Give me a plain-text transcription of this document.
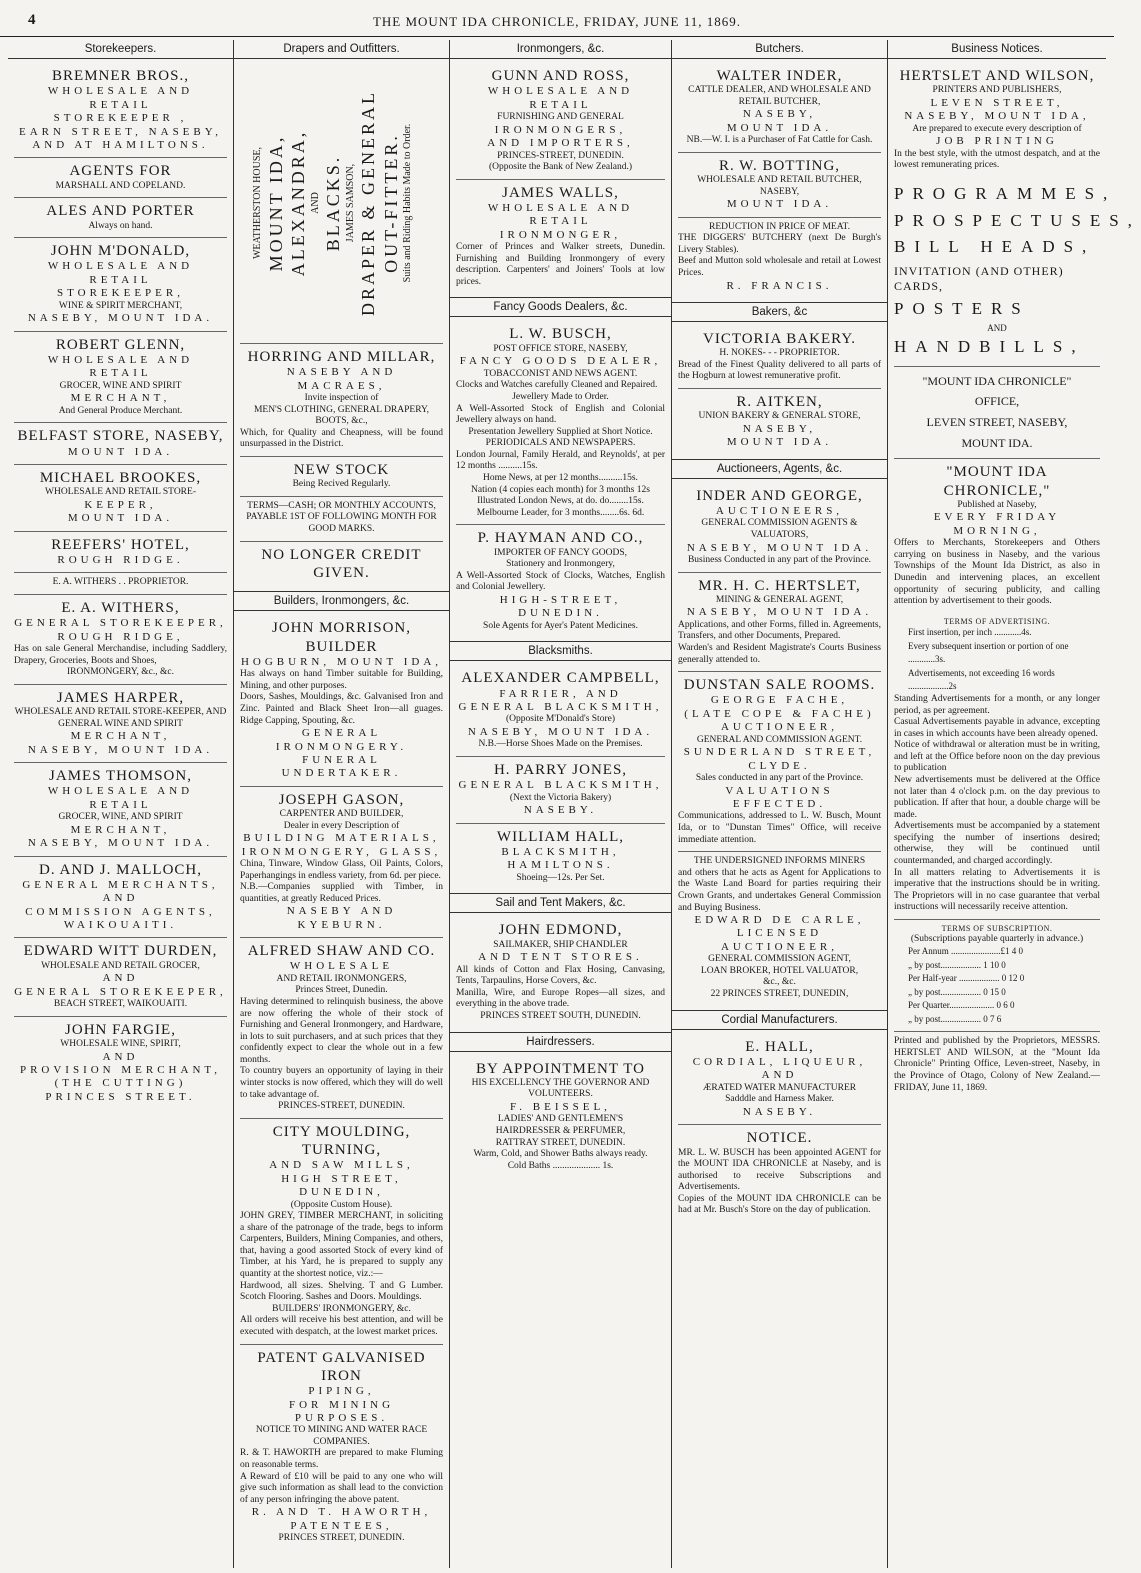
4	THE MOUNT IDA CHRONICLE, FRIDAY, JUNE 11, 1869.
Storekeepers.
BREMNER BROS.,
WHOLESALE AND RETAIL
STOREKEEPER ,
EARN STREET, NASEBY,
AND AT HAMILTONS.
AGENTS FOR
MARSHALL AND COPELAND.
ALES AND PORTER
Always on hand.
JOHN M'DONALD,
WHOLESALE AND RETAIL
STOREKEEPER,
WINE & SPIRIT MERCHANT,
NASEBY, MOUNT IDA.
ROBERT GLENN,
WHOLESALE AND RETAIL
GROCER, WINE AND SPIRIT
MERCHANT,
And General Produce Merchant.
BELFAST STORE, NASEBY,
MOUNT IDA.
MICHAEL BROOKES,
WHOLESALE AND RETAIL STORE-
KEEPER,
MOUNT IDA.
REEFERS' HOTEL,
ROUGH RIDGE.
E. A. WITHERS . . PROPRIETOR.
E. A. WITHERS,
GENERAL STOREKEEPER,
ROUGH RIDGE,
Has on sale General Merchandise, including Saddlery, Drapery, Groceries, Boots and Shoes,
IRONMONGERY, &c., &c.
JAMES HARPER,
WHOLESALE AND RETAIL STORE-KEEPER, AND
GENERAL WINE AND SPIRIT
MERCHANT,
NASEBY, MOUNT IDA.
JAMES THOMSON,
WHOLESALE AND RETAIL
GROCER, WINE, AND SPIRIT
MERCHANT,
NASEBY, MOUNT IDA.
D. AND J. MALLOCH,
GENERAL MERCHANTS,
AND
COMMISSION AGENTS,
WAIKOUAITI.
EDWARD WITT DURDEN,
WHOLESALE AND RETAIL GROCER,
AND
GENERAL STOREKEEPER,
BEACH STREET, WAIKOUAITI.
JOHN FARGIE,
WHOLESALE WINE, SPIRIT,
AND
PROVISION MERCHANT,
(THE CUTTING)
PRINCES STREET.
Drapers and Outfitters.
WEATHERSTON HOUSE, MOUNT IDA, ALEXANDRA, AND BLACKS. JAMES SAMSON, DRAPER & GENERAL OUT-FITTER. Suits and Riding Habits Made to Order.
HORRING AND MILLAR,
NASEBY AND MACRAES,
Invite inspection of
MEN'S CLOTHING, GENERAL DRAPERY, BOOTS, &c.,
Which, for Quality and Cheapness, will be found unsurpassed in the District.
NEW STOCK
Being Recived Regularly.
TERMS—CASH; OR MONTHLY ACCOUNTS, PAYABLE 1ST OF FOLLOWING MONTH FOR GOOD MARKS.
NO LONGER CREDIT GIVEN.
Builders, Ironmongers, &c.
JOHN MORRISON, BUILDER
HOGBURN, MOUNT IDA,
Has always on hand Timber suitable for Building, Mining, and other purposes.
Doors, Sashes, Mouldings, &c. Galvanised Iron and Zinc. Painted and Black Sheet Iron—all guages. Ridge Capping, Spouting, &c.
GENERAL IRONMONGERY.
FUNERAL UNDERTAKER.
JOSEPH GASON,
CARPENTER AND BUILDER,
Dealer in every Description of
BUILDING MATERIALS,
IRONMONGERY, GLASS,
China, Tinware, Window Glass, Oil Paints, Colors, Paperhangings in endless variety, from 6d. per piece.
N.B.—Companies supplied with Timber, in quantities, at greatly Reduced Prices.
NASEBY AND KYEBURN.
ALFRED SHAW AND CO.
WHOLESALE
AND RETAIL IRONMONGERS,
Princes Street, Dunedin.
Having determined to relinquish business, the above are now offering the whole of their stock of Furnishing and General Ironmongery, and Hardware, in lots to suit purchasers, and at such prices that they confidently expect to clear the whole out in a few months.
To country buyers an opportunity of laying in their winter stocks is now offered, which they will do well to take advantage of.
PRINCES-STREET, DUNEDIN.
CITY MOULDING, TURNING,
AND SAW MILLS,
HIGH STREET, DUNEDIN,
(Opposite Custom House).
JOHN GREY, TIMBER MERCHANT, in soliciting a share of the patronage of the trade, begs to inform Carpenters, Builders, Mining Companies, and others, that, having a good assorted Stock of every kind of Timber, at his Yard, he is prepared to supply any quantity at the shortest notice, viz.:—
Hardwood, all sizes. Shelving. T and G Lumber. Scotch Flooring. Sashes and Doors. Mouldings.
BUILDERS' IRONMONGERY, &c.
All orders will receive his best attention, and will be executed with despatch, at the lowest market prices.
PATENT GALVANISED IRON
PIPING,
FOR MINING PURPOSES.
NOTICE TO MINING AND WATER RACE COMPANIES.
R. & T. HAWORTH are prepared to make Fluming on reasonable terms.
A Reward of £10 will be paid to any one who will give such information as shall lead to the conviction of any person infringing the above patent.
R. AND T. HAWORTH,
PATENTEES,
PRINCES STREET, DUNEDIN.
Ironmongers, &c.
GUNN AND ROSS,
WHOLESALE AND RETAIL
FURNISHING AND GENERAL
IRONMONGERS,
AND IMPORTERS,
PRINCES-STREET, DUNEDIN.
(Opposite the Bank of New Zealand.)
JAMES WALLS,
WHOLESALE AND RETAIL
IRONMONGER,
Corner of Princes and Walker streets, Dunedin. Furnishing and Building Ironmongery of every description. Carpenters' and Joiners' Tools at low prices.
Fancy Goods Dealers, &c.
L. W. BUSCH,
POST OFFICE STORE, NASEBY,
FANCY GOODS DEALER,
TOBACCONIST AND NEWS AGENT.
Clocks and Watches carefully Cleaned and Repaired.
Jewellery Made to Order.
A Well-Assorted Stock of English and Colonial Jewellery always on hand.
Presentation Jewellery Supplied at Short Notice.
PERIODICALS AND NEWSPAPERS.
London Journal, Family Herald, and Reynolds', at per 12 months ..........15s.
Home News, at per 12 months..........15s.
Nation (4 copies each month) for 3 months 12s
Illustrated London News, at do. do........15s.
Melbourne Leader, for 3 months........6s. 6d.
P. HAYMAN AND CO.,
IMPORTER OF FANCY GOODS,
Stationery and Ironmongery,
A Well-Assorted Stock of Clocks, Watches, English and Colonial Jewellery.
HIGH-STREET, DUNEDIN.
Sole Agents for Ayer's Patent Medicines.
Blacksmiths.
ALEXANDER CAMPBELL,
FARRIER, AND
GENERAL BLACKSMITH,
(Opposite M'Donald's Store)
NASEBY, MOUNT IDA.
N.B.—Horse Shoes Made on the Premises.
H. PARRY JONES,
GENERAL BLACKSMITH,
(Next the Victoria Bakery)
NASEBY.
WILLIAM HALL,
BLACKSMITH,
HAMILTONS.
Shoeing—12s. Per Set.
Sail and Tent Makers, &c.
JOHN EDMOND,
SAILMAKER, SHIP CHANDLER
AND TENT STORES.
All kinds of Cotton and Flax Hosing, Canvasing, Tents, Tarpaulins, Horse Covers, &c.
Manilla, Wire, and Europe Ropes—all sizes, and everything in the above trade.
PRINCES STREET SOUTH, DUNEDIN.
Hairdressers.
BY APPOINTMENT TO
HIS EXCELLENCY THE GOVERNOR AND VOLUNTEERS.
F. BEISSEL,
LADIES' AND GENTLEMEN'S
HAIRDRESSER & PERFUMER,
RATTRAY STREET, DUNEDIN.
Warm, Cold, and Shower Baths always ready.
Cold Baths .................... 1s.
Butchers.
WALTER INDER,
CATTLE DEALER, AND WHOLESALE AND RETAIL BUTCHER,
NASEBY,
MOUNT IDA.
NB.—W. I. is a Purchaser of Fat Cattle for Cash.
R. W. BOTTING,
WHOLESALE AND RETAIL BUTCHER, NASEBY,
MOUNT IDA.
REDUCTION IN PRICE OF MEAT.
THE DIGGERS' BUTCHERY (next De Burgh's Livery Stables).
Beef and Mutton sold wholesale and retail at Lowest Prices.
R. FRANCIS.
Bakers, &c
VICTORIA BAKERY.
H. NOKES- - - PROPRIETOR.
Bread of the Finest Quality delivered to all parts of the Hogburn at lowest remunerative profit.
R. AITKEN,
UNION BAKERY & GENERAL STORE,
NASEBY,
MOUNT IDA.
Auctioneers, Agents, &c.
INDER AND GEORGE,
AUCTIONEERS,
GENERAL COMMISSION AGENTS & VALUATORS,
NASEBY, MOUNT IDA.
Business Conducted in any part of the Province.
MR. H. C. HERTSLET,
MINING & GENERAL AGENT,
NASEBY, MOUNT IDA.
Applications, and other Forms, filled in. Agreements, Transfers, and other Documents, Prepared.
Warden's and Resident Magistrate's Courts Business generally attended to.
DUNSTAN SALE ROOMS.
GEORGE FACHE,
(LATE COPE & FACHE)
AUCTIONEER,
GENERAL AND COMMISSION AGENT.
SUNDERLAND STREET,
CLYDE.
Sales conducted in any part of the Province.
VALUATIONS EFFECTED.
Communications, addressed to L. W. Busch, Mount Ida, or to "Dunstan Times" Office, will receive immediate attention.
THE UNDERSIGNED INFORMS MINERS
and others that he acts as Agent for Applications to the Waste Land Board for parties requiring their Crown Grants, and undertakes General Commission and Buying Business.
EDWARD DE CARLE,
LICENSED AUCTIONEER,
GENERAL COMMISSION AGENT,
LOAN BROKER, HOTEL VALUATOR,
&c., &c.
22 PRINCES STREET, DUNEDIN,
Cordial Manufacturers.
E. HALL,
CORDIAL, LIQUEUR,
AND
ÆRATED WATER MANUFACTURER
Sadddle and Harness Maker.
NASEBY.
NOTICE.
MR. L. W. BUSCH has been appointed AGENT for the MOUNT IDA CHRONICLE at Naseby, and is authorised to receive Subscriptions and Advertisements.
Copies of the MOUNT IDA CHRONICLE can be had at Mr. Busch's Store on the day of publication.
Business Notices.
HERTSLET AND WILSON,
PRINTERS AND PUBLISHERS,
LEVEN STREET,
NASEBY, MOUNT IDA,
Are prepared to execute every description of
JOB PRINTING
In the best style, with the utmost despatch, and at the lowest remunerating prices.
PROGRAMMES,
PROSPECTUSES,
BILL HEADS,
INVITATION (AND OTHER) CARDS,
POSTERS
AND
HANDBILLS,
"MOUNT IDA CHRONICLE"
OFFICE,
LEVEN STREET, NASEBY,
MOUNT IDA.
"MOUNT IDA CHRONICLE,"
Published at Naseby,
EVERY FRIDAY MORNING,
Offers to Merchants, Storekeepers and Others carrying on business in Naseby, and the various Townships of the Mount Ida District, as also in Dunedin and intervening places, an excellent opportunity of securing publicity, and calling attention by advertisement to their goods.
TERMS OF ADVERTISING.
First insertion, per inch ............4s.
Every subsequent insertion or portion of one ............3s.
Advertisements, not exceeding 16 words ..................2s
Standing Advertisements for a month, or any longer period, as per agreement.
Casual Advertisements payable in advance, excepting in cases in which accounts have been already opened.
Notice of withdrawal or alteration must be in writing, and left at the Office before noon on the day previous to publication
New advertisements must be delivered at the Office not later than 4 o'clock p.m. on the day previous to publication. If after that hour, a double charge will be made.
Advertisements must be accompanied by a statement specifying the number of insertions desired; otherwise, they will be continued until countermanded, and charged accordingly.
In all matters relating to Advertisements it is imperative that the instructions should be in writing. The Proprietors will in no case guarantee that verbal instructions will necessarily receive attention.
TERMS OF SUBSCRIPTION.
(Subscriptions payable quarterly in advance.)
Per Annum ......................£1 4 0
„ by post.................. 1 10 0
Per Half-year .................. 0 12 0
„ by post.................. 0 15 0
Per Quarter.................... 0 6 0
„ by post.................. 0 7 6
Printed and published by the Proprietors, MESSRS. HERTSLET AND WILSON, at the "Mount Ida Chronicle" Printing Office, Leven-street, Naseby, in the Province of Otago, Colony of New Zealand.—FRIDAY, June 11, 1869.
